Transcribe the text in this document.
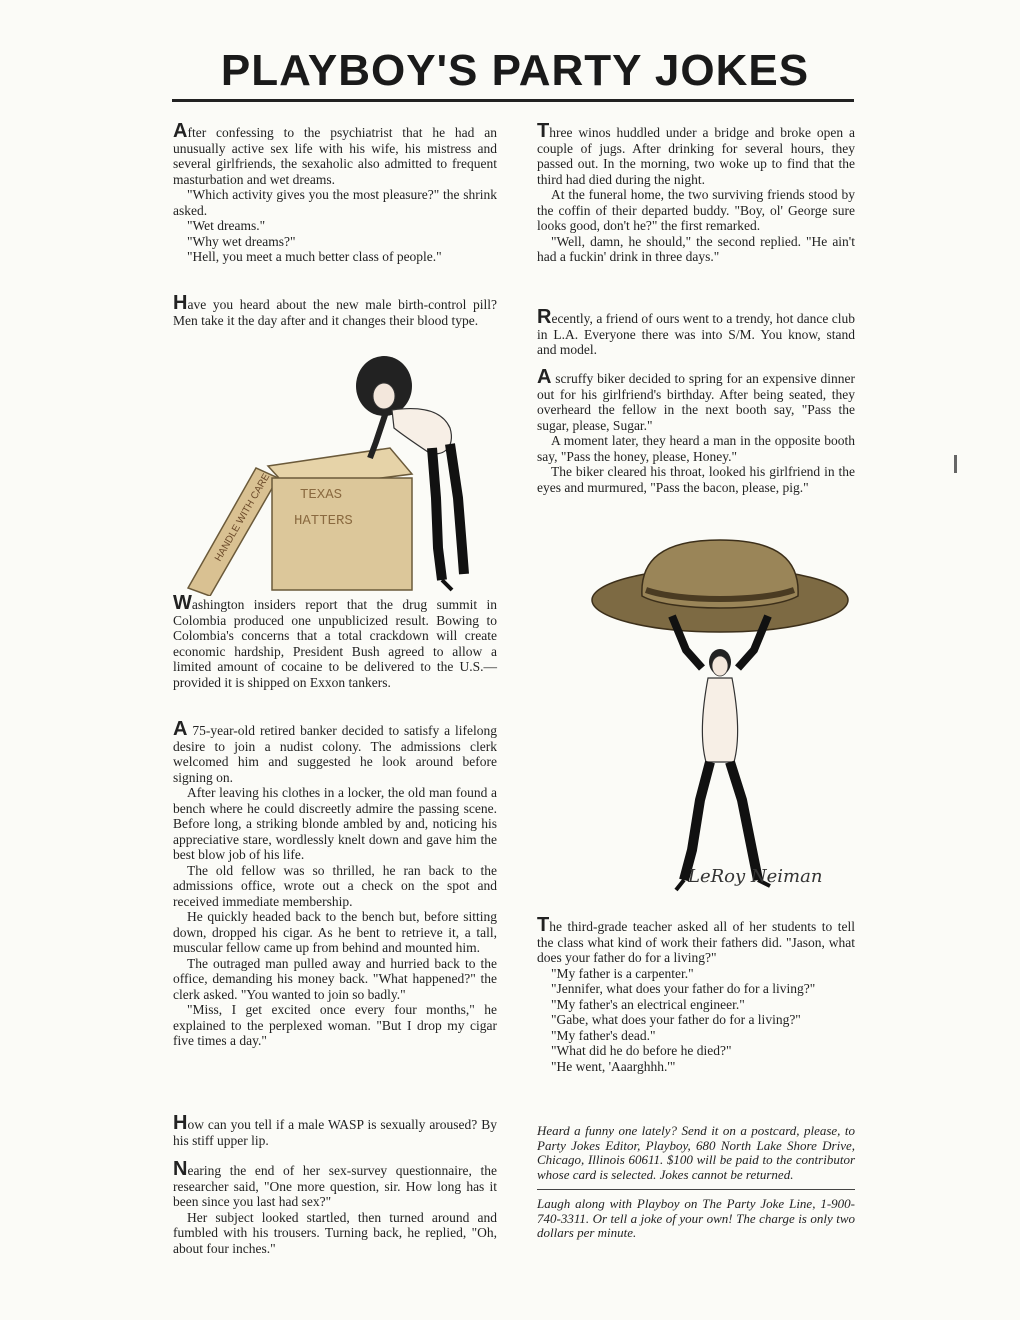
PLAYBOY'S PARTY JOKES

After confessing to the psychiatrist that he had an unusually active sex life with his wife, his mistress and several girlfriends, the sexaholic also admitted to frequent masturbation and wet dreams.

"Which activity gives you the most pleasure?" the shrink asked.

"Wet dreams."

"Why wet dreams?"

"Hell, you meet a much better class of people."

Have you heard about the new male birth-control pill? Men take it the day after and it changes their blood type.

HANDLE WITH CARE TEXAS
HATTERS

Washington insiders report that the drug summit in Colombia produced one unpublicized result. Bowing to Colombia's concerns that a total crackdown will create economic hardship, President Bush agreed to allow a limited amount of cocaine to be delivered to the U.S.—provided it is shipped on Exxon tankers.

A 75-year-old retired banker decided to satisfy a lifelong desire to join a nudist colony. The admissions clerk welcomed him and suggested he look around before signing on.

After leaving his clothes in a locker, the old man found a bench where he could discreetly admire the passing scene. Before long, a striking blonde ambled by and, noticing his appreciative stare, wordlessly knelt down and gave him the best blow job of his life.

The old fellow was so thrilled, he ran back to the admissions office, wrote out a check on the spot and received immediate membership.

He quickly headed back to the bench but, before sitting down, dropped his cigar. As he bent to retrieve it, a tall, muscular fellow came up from behind and mounted him.

The outraged man pulled away and hurried back to the office, demanding his money back. "What happened?" the clerk asked. "You wanted to join so badly."

"Miss, I get excited once every four months," he explained to the perplexed woman. "But I drop my cigar five times a day."

How can you tell if a male WASP is sexually aroused? By his stiff upper lip.

Nearing the end of her sex-survey questionnaire, the researcher said, "One more question, sir. How long has it been since you last had sex?"

Her subject looked startled, then turned around and fumbled with his trousers. Turning back, he replied, "Oh, about four inches."

Three winos huddled under a bridge and broke open a couple of jugs. After drinking for several hours, they passed out. In the morning, two woke up to find that the third had died during the night.

At the funeral home, the two surviving friends stood by the coffin of their departed buddy. "Boy, ol' George sure looks good, don't he?" the first remarked.

"Well, damn, he should," the second replied. "He ain't had a fuckin' drink in three days."

Recently, a friend of ours went to a trendy, hot dance club in L.A. Everyone there was into S/M. You know, stand and model.

A scruffy biker decided to spring for an expensive dinner out for his girlfriend's birthday. After being seated, they overheard the fellow in the next booth say, "Pass the sugar, please, Sugar."

A moment later, they heard a man in the opposite booth say, "Pass the honey, please, Honey."

The biker cleared his throat, looked his girlfriend in the eyes and murmured, "Pass the bacon, please, pig."

LeRoy Neiman

The third-grade teacher asked all of her students to tell the class what kind of work their fathers did. "Jason, what does your father do for a living?"

"My father is a carpenter."

"Jennifer, what does your father do for a living?"

"My father's an electrical engineer."

"Gabe, what does your father do for a living?"

"My father's dead."

"What did he do before he died?"

"He went, 'Aaarghhh.'"

Heard a funny one lately? Send it on a postcard, please, to Party Jokes Editor, Playboy, 680 North Lake Shore Drive, Chicago, Illinois 60611. $100 will be paid to the contributor whose card is selected. Jokes cannot be returned.

Laugh along with Playboy on The Party Joke Line, 1-900-740-3311. Or tell a joke of your own! The charge is only two dollars per minute.
